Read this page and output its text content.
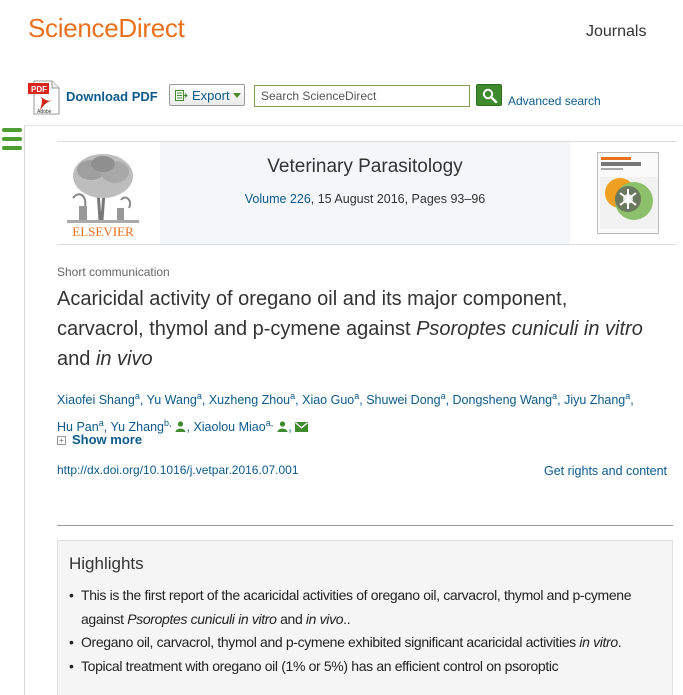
ScienceDirect	Journals
PDF
Adobe
Download PDF	Export
Search ScienceDirect	Advanced search
ELSEVIER
Veterinary Parasitology
Volume 226, 15 August 2016, Pages 93–96
Short communication
Acaricidal activity of oregano oil and its major component, carvacrol, thymol and p-cymene against Psoroptes cuniculi in vitro and in vivo
Xiaofei Shang$^a$, Yu Wang$^a$, Xuzheng Zhou$^a$, Xiao Guo$^a$, Shuwei Dong$^a$, Dongsheng Wang$^a$, Jiyu Zhang$^a$,
Hu Pan$^a$, Yu Zhang$^{b,}$ , Xiaolou Miao$^{a,}$ ,
+ Show more
http://dx.doi.org/10.1016/j.vetpar.2016.07.001	Get rights and content
Highlights
• This is the first report of the acaricidal activities of oregano oil, carvacrol, thymol and p-cymene against Psoroptes cuniculi in vitro and in vivo..
• Oregano oil, carvacrol, thymol and p-cymene exhibited significant acaricidal activities in vitro.
• Topical treatment with oregano oil (1% or 5%) has an efficient control on psoroptic
